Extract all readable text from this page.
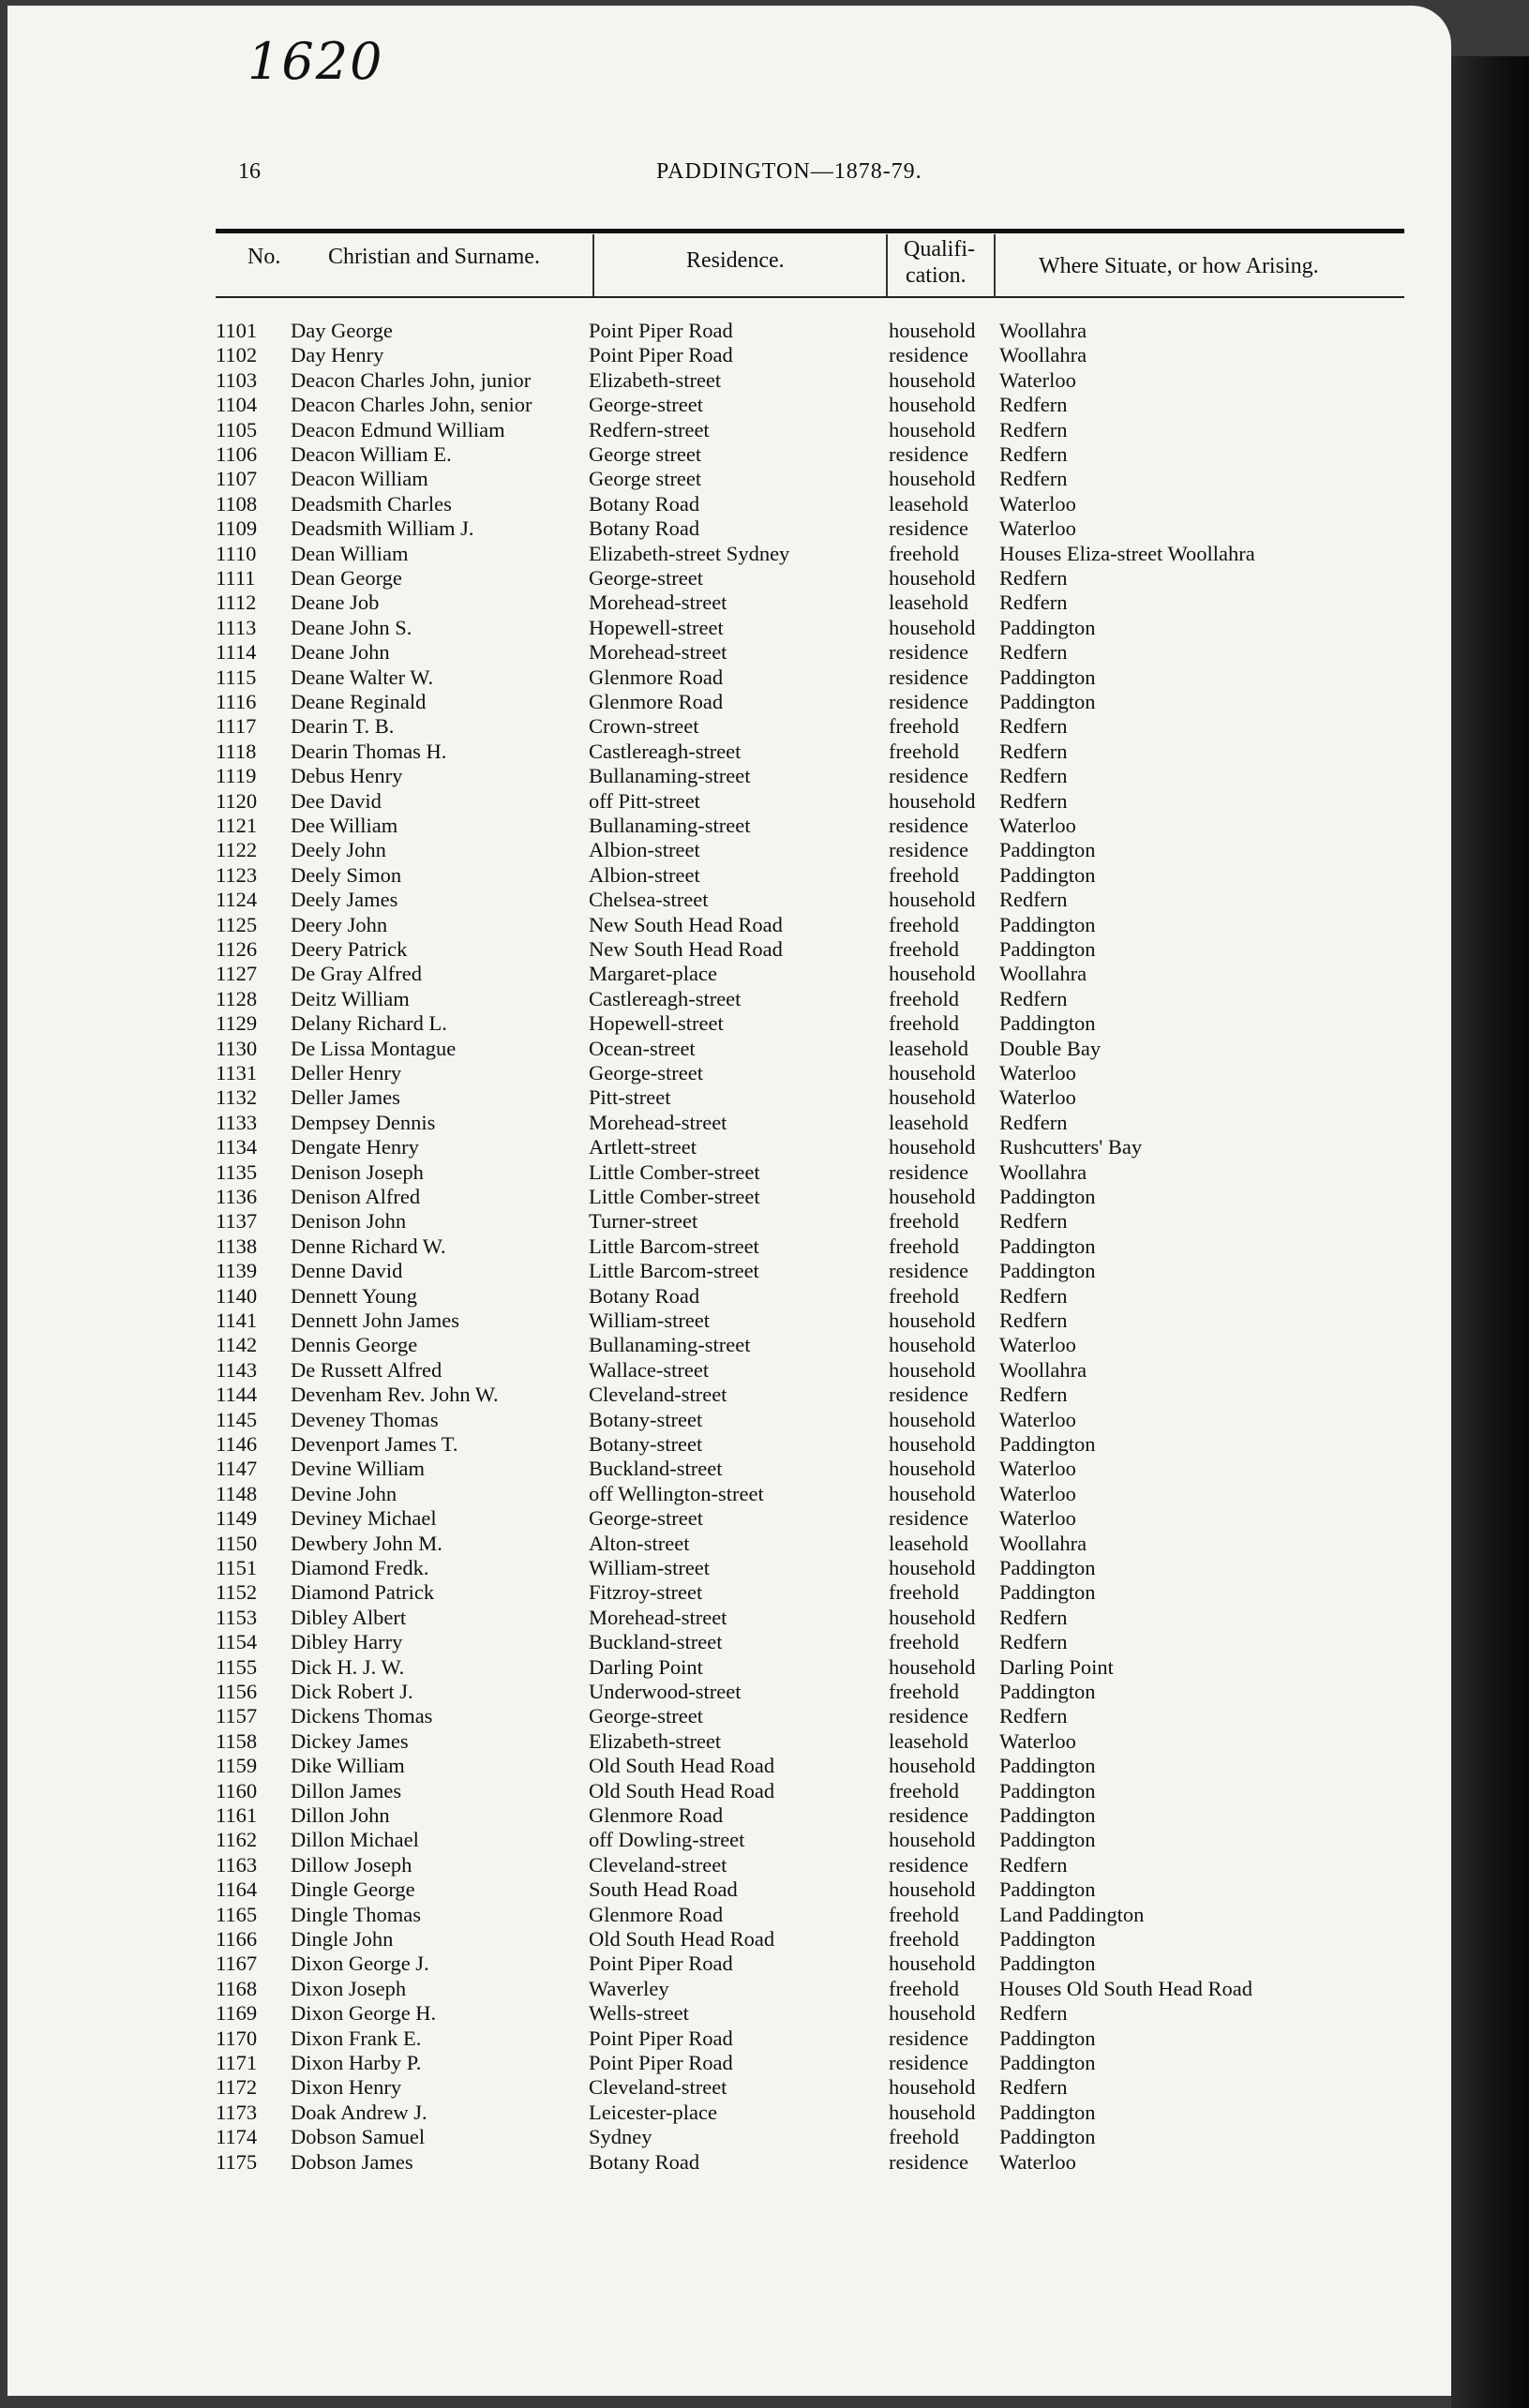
1620
16	PADDINGTON—1878-79.
No. Christian and Surname.	Residence.	Qualifi-
cation.	Where Situate, or how Arising.
1101 Day George	Point Piper Road	household Woollahra
1102 Day Henry	Point Piper Road	residence Woollahra
1103 Deacon Charles John, junior	Elizabeth-street	household Waterloo
1104 Deacon Charles John, senior	George-street	household Redfern
1105 Deacon Edmund William	Redfern-street	household Redfern
1106 Deacon William E.	George street	residence Redfern
1107 Deacon William	George street	household Redfern
1108 Deadsmith Charles	Botany Road	leasehold Waterloo
1109 Deadsmith William J.	Botany Road	residence Waterloo
1110 Dean William	Elizabeth-street Sydney	freehold Houses Eliza-street Woollahra
1111 Dean George	George-street	household Redfern
1112 Deane Job	Morehead-street	leasehold Redfern
1113 Deane John S.	Hopewell-street	household Paddington
1114 Deane John	Morehead-street	residence Redfern
1115 Deane Walter W.	Glenmore Road	residence Paddington
1116 Deane Reginald	Glenmore Road	residence Paddington
1117 Dearin T. B.	Crown-street	freehold Redfern
1118 Dearin Thomas H.	Castlereagh-street	freehold Redfern
1119 Debus Henry	Bullanaming-street	residence Redfern
1120 Dee David	off Pitt-street	household Redfern
1121 Dee William	Bullanaming-street	residence Waterloo
1122 Deely John	Albion-street	residence Paddington
1123 Deely Simon	Albion-street	freehold Paddington
1124 Deely James	Chelsea-street	household Redfern
1125 Deery John	New South Head Road	freehold Paddington
1126 Deery Patrick	New South Head Road	freehold Paddington
1127 De Gray Alfred	Margaret-place	household Woollahra
1128 Deitz William	Castlereagh-street	freehold Redfern
1129 Delany Richard L.	Hopewell-street	freehold Paddington
1130 De Lissa Montague	Ocean-street	leasehold Double Bay
1131 Deller Henry	George-street	household Waterloo
1132 Deller James	Pitt-street	household Waterloo
1133 Dempsey Dennis	Morehead-street	leasehold Redfern
1134 Dengate Henry	Artlett-street	household Rushcutters' Bay
1135 Denison Joseph	Little Comber-street	residence Woollahra
1136 Denison Alfred	Little Comber-street	household Paddington
1137 Denison John	Turner-street	freehold Redfern
1138 Denne Richard W.	Little Barcom-street	freehold Paddington
1139 Denne David	Little Barcom-street	residence Paddington
1140 Dennett Young	Botany Road	freehold Redfern
1141 Dennett John James	William-street	household Redfern
1142 Dennis George	Bullanaming-street	household Waterloo
1143 De Russett Alfred	Wallace-street	household Woollahra
1144 Devenham Rev. John W.	Cleveland-street	residence Redfern
1145 Deveney Thomas	Botany-street	household Waterloo
1146 Devenport James T.	Botany-street	household Paddington
1147 Devine William	Buckland-street	household Waterloo
1148 Devine John	off Wellington-street	household Waterloo
1149 Deviney Michael	George-street	residence Waterloo
1150 Dewbery John M.	Alton-street	leasehold Woollahra
1151 Diamond Fredk.	William-street	household Paddington
1152 Diamond Patrick	Fitzroy-street	freehold Paddington
1153 Dibley Albert	Morehead-street	household Redfern
1154 Dibley Harry	Buckland-street	freehold Redfern
1155 Dick H. J. W.	Darling Point	household Darling Point
1156 Dick Robert J.	Underwood-street	freehold Paddington
1157 Dickens Thomas	George-street	residence Redfern
1158 Dickey James	Elizabeth-street	leasehold Waterloo
1159 Dike William	Old South Head Road	household Paddington
1160 Dillon James	Old South Head Road	freehold Paddington
1161 Dillon John	Glenmore Road	residence Paddington
1162 Dillon Michael	off Dowling-street	household Paddington
1163 Dillow Joseph	Cleveland-street	residence Redfern
1164 Dingle George	South Head Road	household Paddington
1165 Dingle Thomas	Glenmore Road	freehold Land Paddington
1166 Dingle John	Old South Head Road	freehold Paddington
1167 Dixon George J.	Point Piper Road	household Paddington
1168 Dixon Joseph	Waverley	freehold Houses Old South Head Road
1169 Dixon George H.	Wells-street	household Redfern
1170 Dixon Frank E.	Point Piper Road	residence Paddington
1171 Dixon Harby P.	Point Piper Road	residence Paddington
1172 Dixon Henry	Cleveland-street	household Redfern
1173 Doak Andrew J.	Leicester-place	household Paddington
1174 Dobson Samuel	Sydney	freehold Paddington
1175 Dobson James	Botany Road	residence Waterloo
